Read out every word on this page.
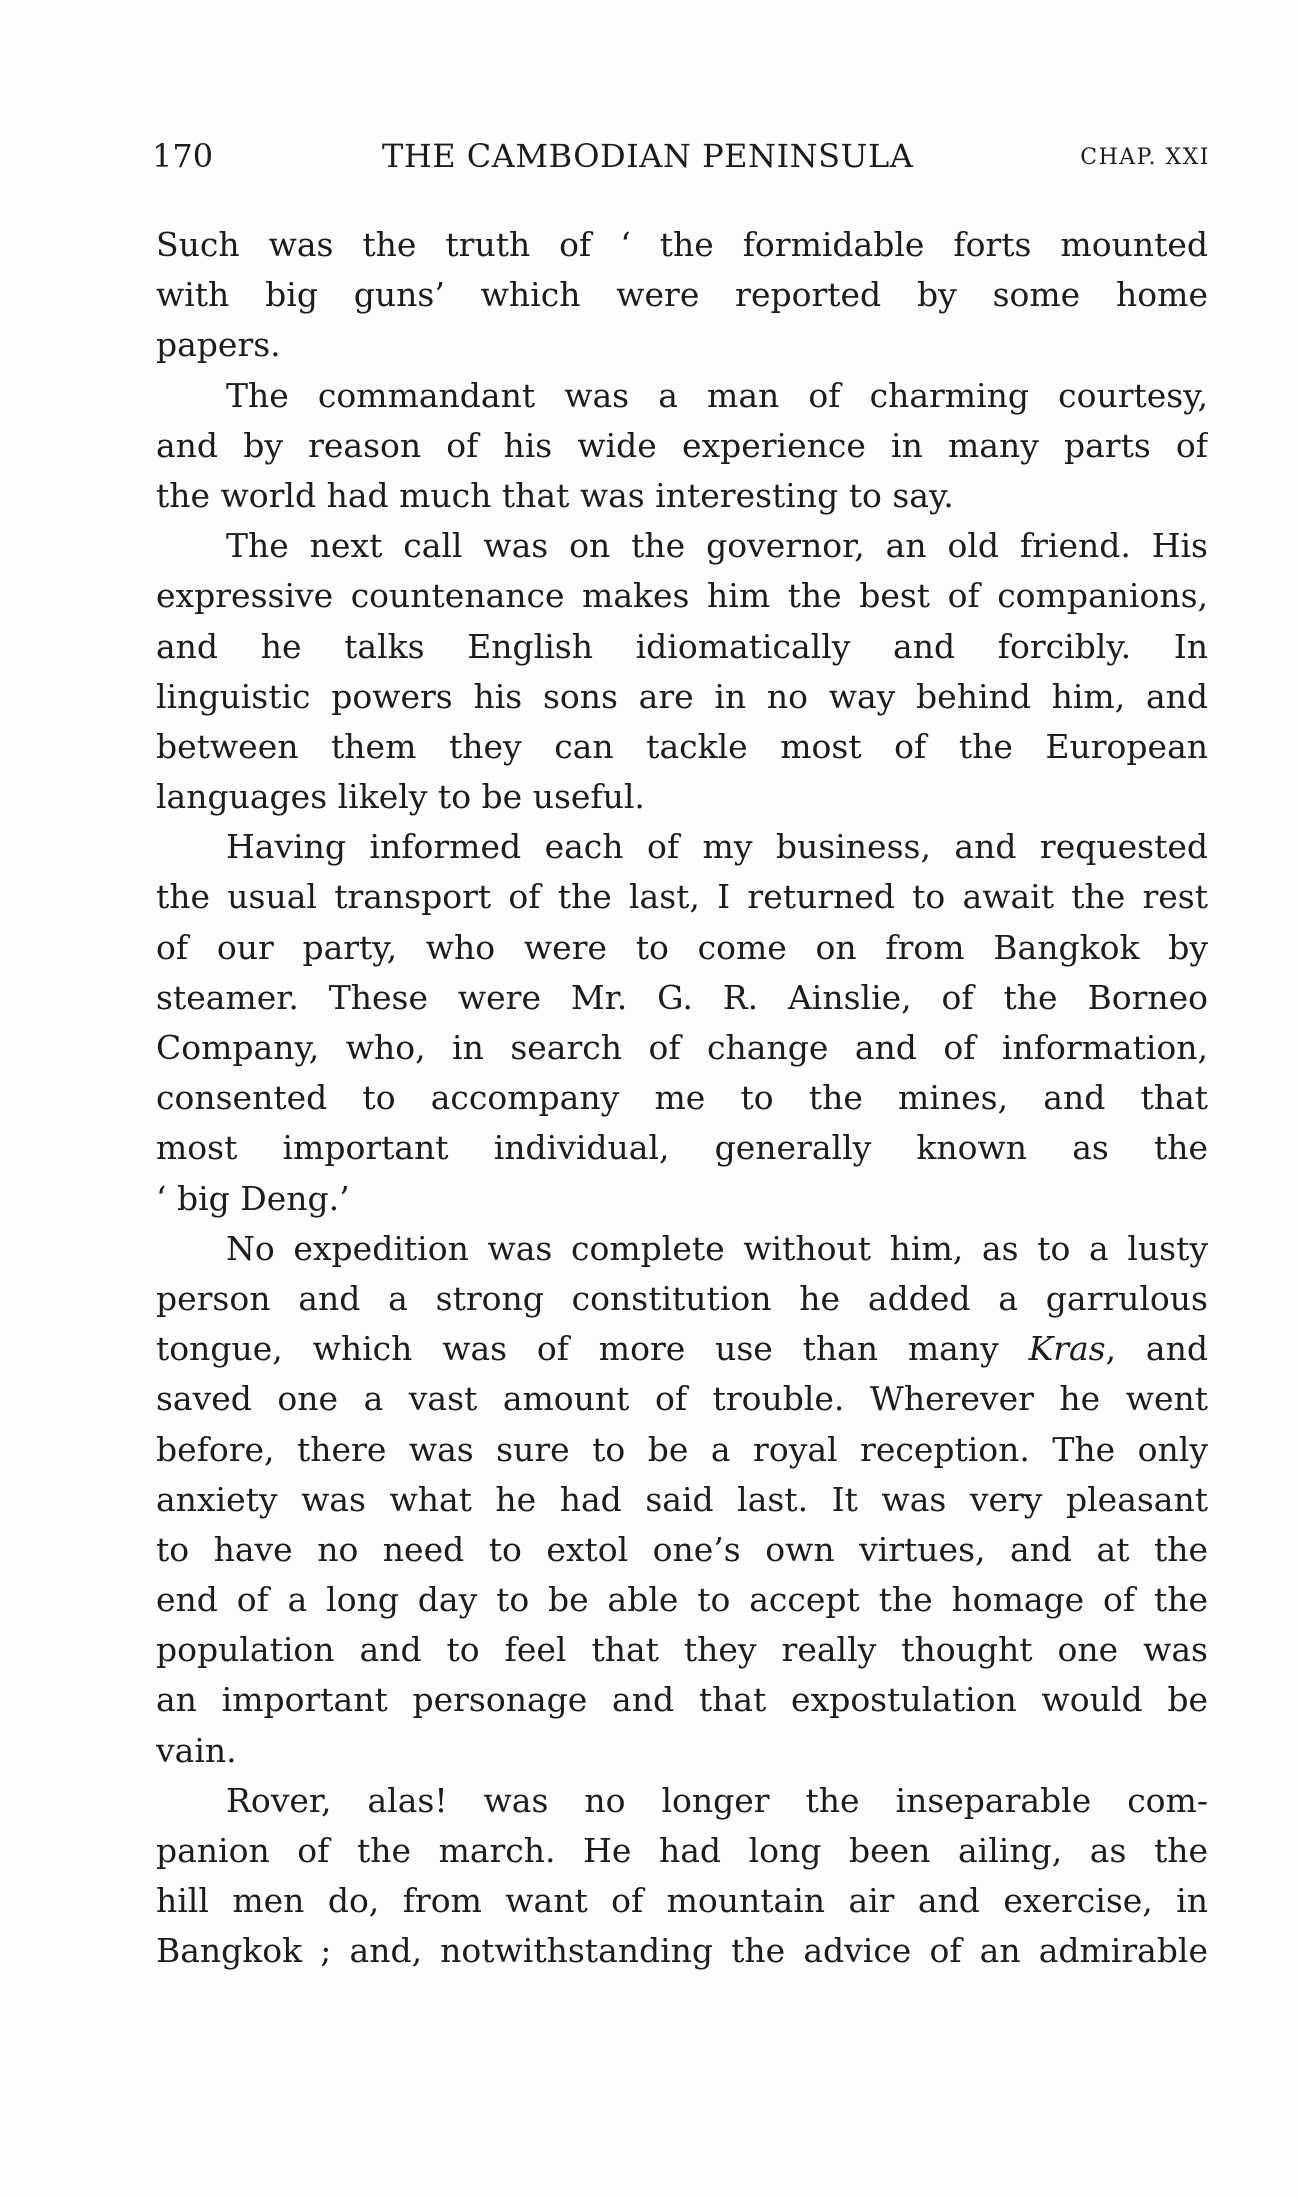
170	THE CAMBODIAN PENINSULA	CHAP. XXI
Such was the truth of ‘ the formidable forts mounted
with big guns’ which were reported by some home
papers.
The commandant was a man of charming courtesy,
and by reason of his wide experience in many parts of
the world had much that was interesting to say.
The next call was on the governor, an old friend. His
expressive countenance makes him the best of companions,
and he talks English idiomatically and forcibly. In
linguistic powers his sons are in no way behind him, and
between them they can tackle most of the European
languages likely to be useful.
Having informed each of my business, and requested
the usual transport of the last, I returned to await the rest
of our party, who were to come on from Bangkok by
steamer. These were Mr. G. R. Ainslie, of the Borneo
Company, who, in search of change and of information,
consented to accompany me to the mines, and that
most important individual, generally known as the
‘ big Deng.’
No expedition was complete without him, as to a lusty
person and a strong constitution he added a garrulous
tongue, which was of more use than many Kras, and
saved one a vast amount of trouble. Wherever he went
before, there was sure to be a royal reception. The only
anxiety was what he had said last. It was very pleasant
to have no need to extol one’s own virtues, and at the
end of a long day to be able to accept the homage of the
population and to feel that they really thought one was
an important personage and that expostulation would be
vain.
Rover, alas! was no longer the inseparable com-
panion of the march. He had long been ailing, as the
hill men do, from want of mountain air and exercise, in
Bangkok ; and, notwithstanding the advice of an admirable
